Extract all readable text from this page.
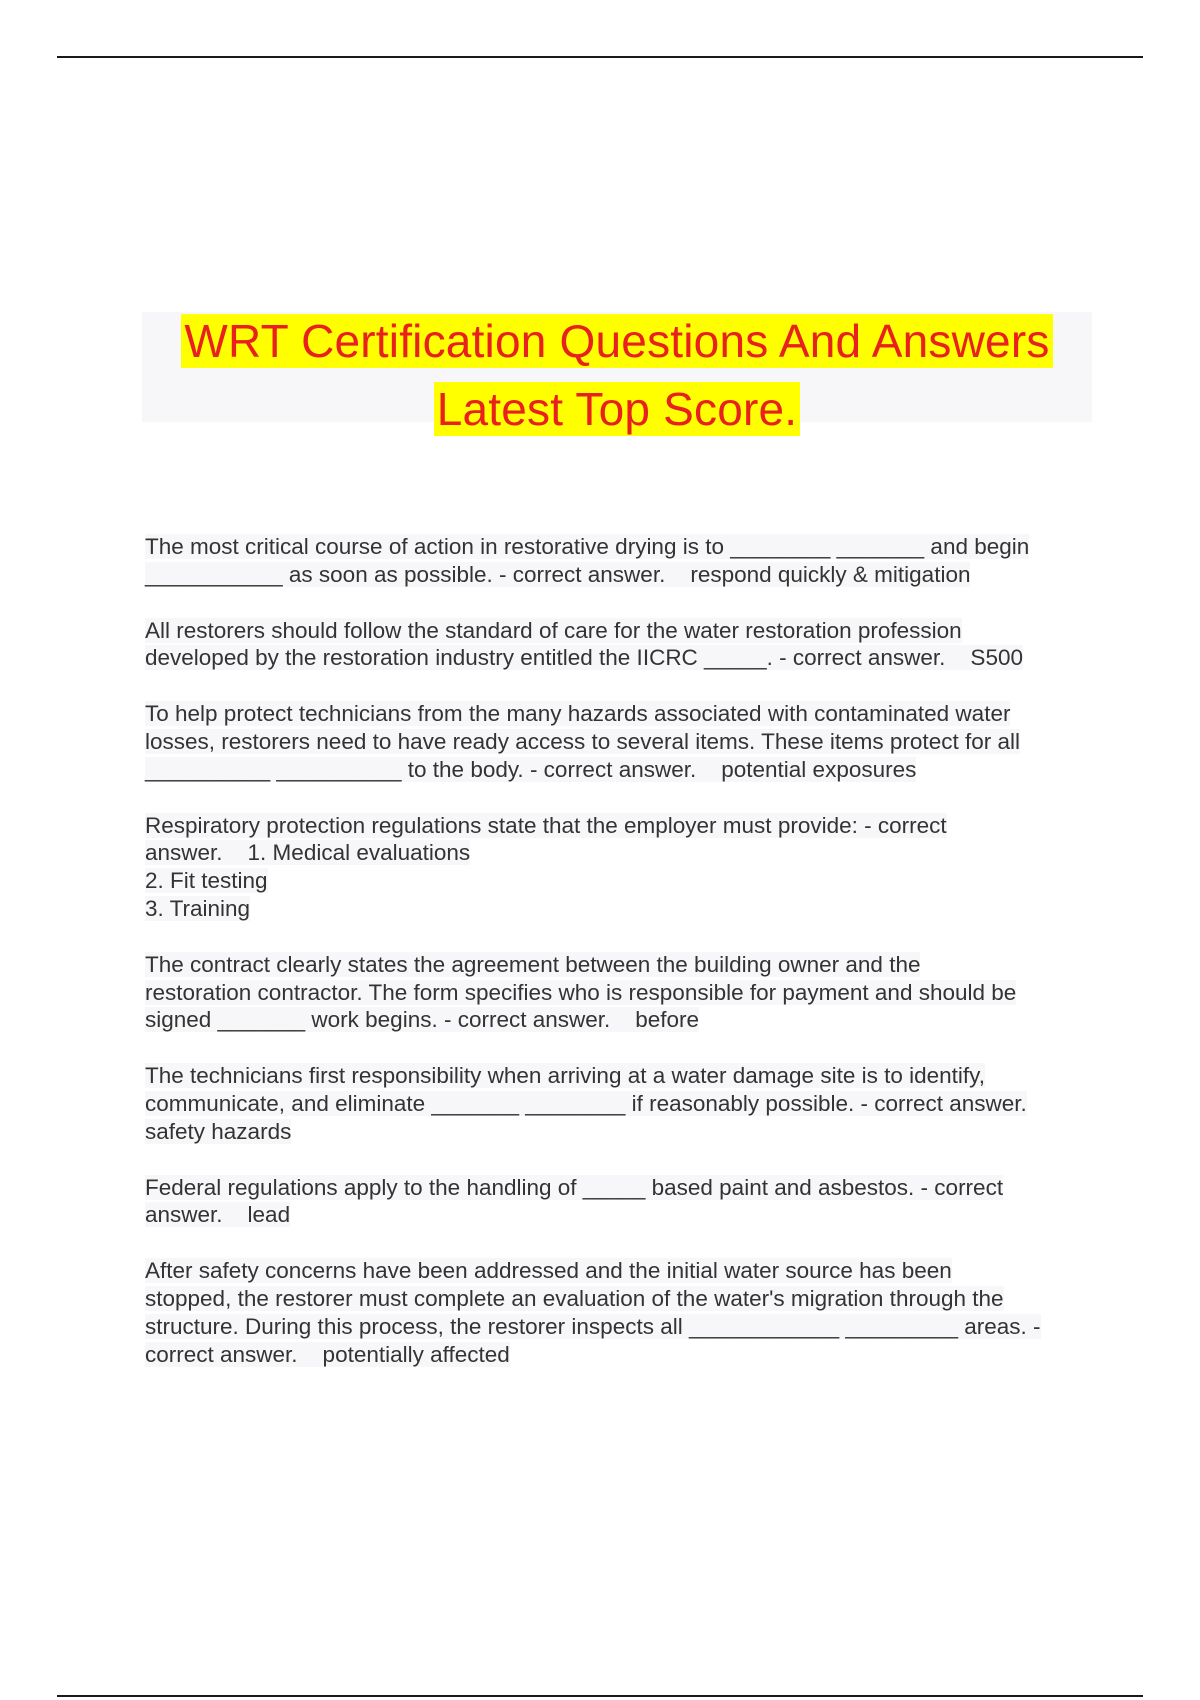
WRT Certification Questions And Answers
Latest Top Score.

The most critical course of action in restorative drying is to ________ _______ and begin
___________ as soon as possible. - correct answer.    respond quickly & mitigation

All restorers should follow the standard of care for the water restoration profession
developed by the restoration industry entitled the IICRC _____. - correct answer.    S500

To help protect technicians from the many hazards associated with contaminated water
losses, restorers need to have ready access to several items. These items protect for all
__________ __________ to the body. - correct answer.    potential exposures

Respiratory protection regulations state that the employer must provide: - correct
answer.    1. Medical evaluations
2. Fit testing
3. Training

The contract clearly states the agreement between the building owner and the
restoration contractor. The form specifies who is responsible for payment and should be
signed _______ work begins. - correct answer.    before

The technicians first responsibility when arriving at a water damage site is to identify,
communicate, and eliminate _______ ________ if reasonably possible. - correct answer.
safety hazards

Federal regulations apply to the handling of _____ based paint and asbestos. - correct
answer.    lead

After safety concerns have been addressed and the initial water source has been
stopped, the restorer must complete an evaluation of the water's migration through the
structure. During this process, the restorer inspects all ____________ _________ areas. -
correct answer.    potentially affected
